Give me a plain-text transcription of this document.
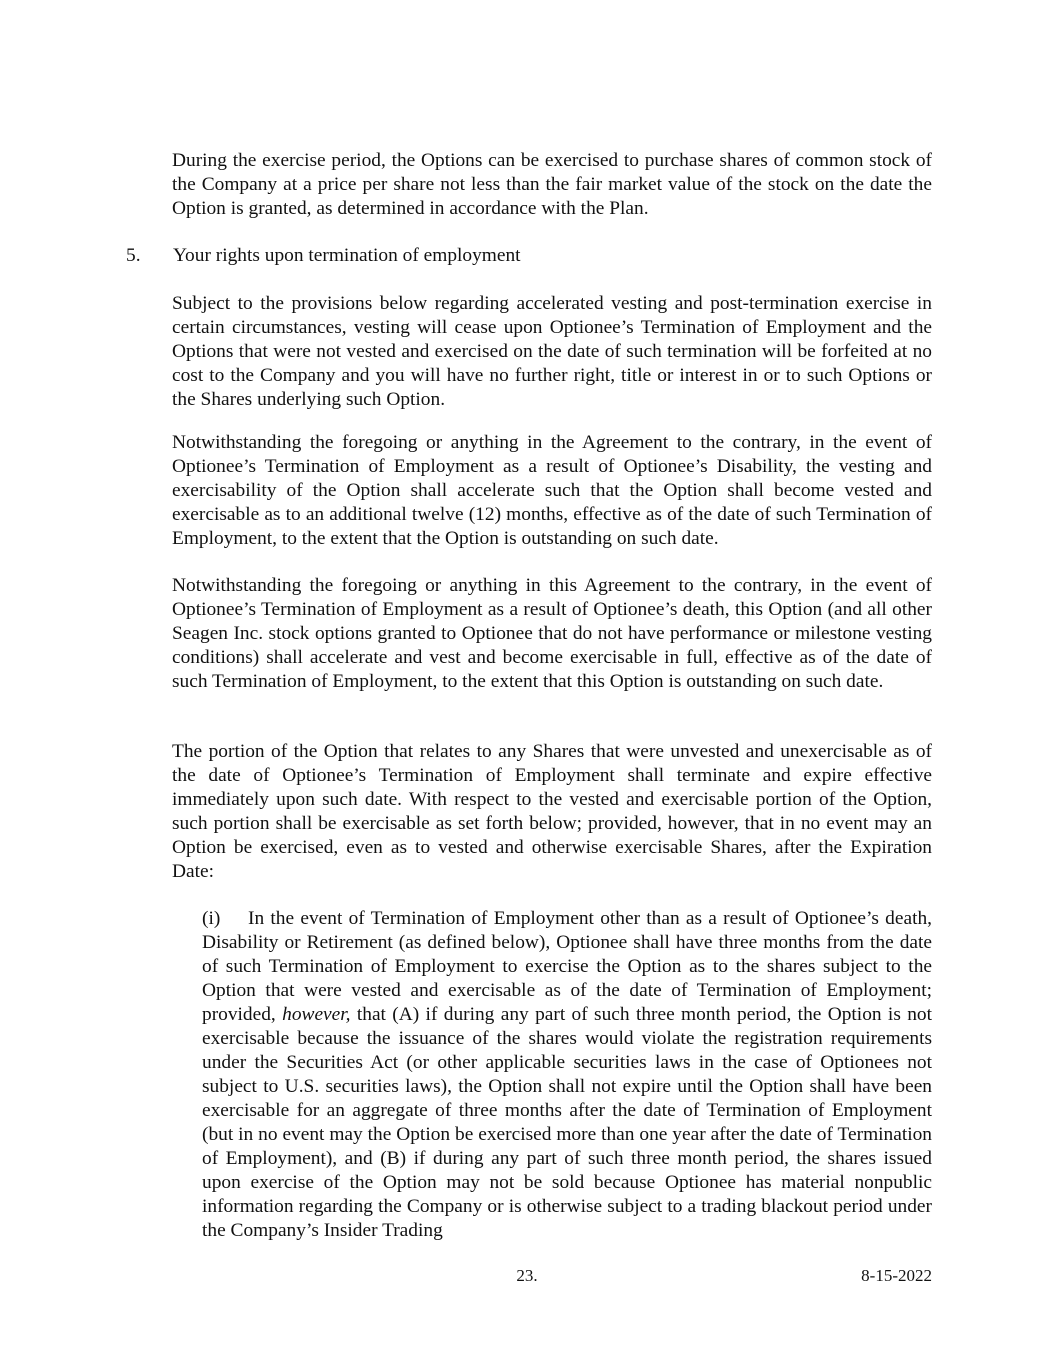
During the exercise period, the Options can be exercised to purchase shares of common stock of the Company at a price per share not less than the fair market value of the stock on the date the Option is granted, as determined in accordance with the Plan.

5. Your rights upon termination of employment

Subject to the provisions below regarding accelerated vesting and post-termination exercise in certain circumstances, vesting will cease upon Optionee’s Termination of Employment and the Options that were not vested and exercised on the date of such termination will be forfeited at no cost to the Company and you will have no further right, title or interest in or to such Options or the Shares underlying such Option.

Notwithstanding the foregoing or anything in the Agreement to the contrary, in the event of Optionee’s Termination of Employment as a result of Optionee’s Disability, the vesting and exercisability of the Option shall accelerate such that the Option shall become vested and exercisable as to an additional twelve (12) months, effective as of the date of such Termination of Employment, to the extent that the Option is outstanding on such date.

Notwithstanding the foregoing or anything in this Agreement to the contrary, in the event of Optionee’s Termination of Employment as a result of Optionee’s death, this Option (and all other Seagen Inc. stock options granted to Optionee that do not have performance or milestone vesting conditions) shall accelerate and vest and become exercisable in full, effective as of the date of such Termination of Employment, to the extent that this Option is outstanding on such date.

The portion of the Option that relates to any Shares that were unvested and unexercisable as of the date of Optionee’s Termination of Employment shall terminate and expire effective immediately upon such date. With respect to the vested and exercisable portion of the Option, such portion shall be exercisable as set forth below; provided, however, that in no event may an Option be exercised, even as to vested and otherwise exercisable Shares, after the Expiration Date:

(i) In the event of Termination of Employment other than as a result of Optionee’s death, Disability or Retirement (as defined below), Optionee shall have three months from the date of such Termination of Employment to exercise the Option as to the shares subject to the Option that were vested and exercisable as of the date of Termination of Employment; provided, however, that (A) if during any part of such three month period, the Option is not exercisable because the issuance of the shares would violate the registration requirements under the Securities Act (or other applicable securities laws in the case of Optionees not subject to U.S. securities laws), the Option shall not expire until the Option shall have been exercisable for an aggregate of three months after the date of Termination of Employment (but in no event may the Option be exercised more than one year after the date of Termination of Employment), and (B) if during any part of such three month period, the shares issued upon exercise of the Option may not be sold because Optionee has material nonpublic information regarding the Company or is otherwise subject to a trading blackout period under the Company’s Insider Trading

23.	8-15-2022
